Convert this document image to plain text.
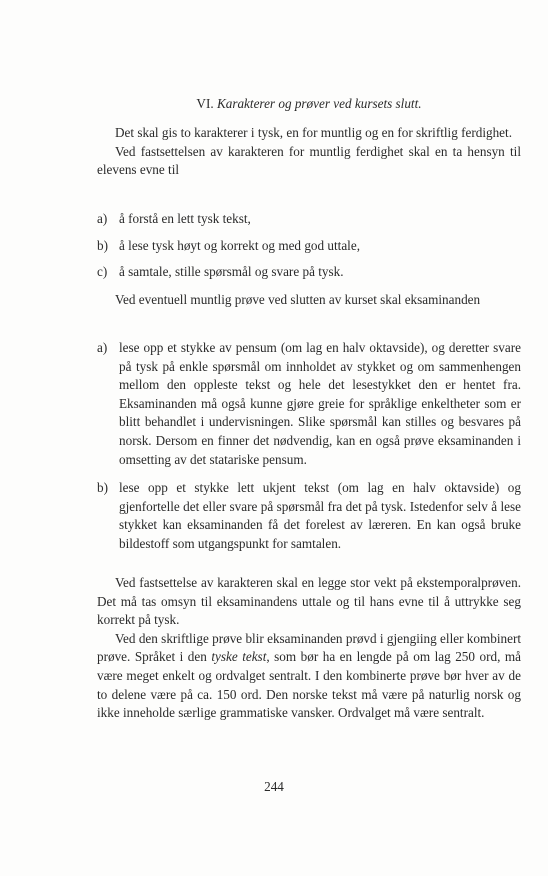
VI. Karakterer og prøver ved kursets slutt.

Det skal gis to karakterer i tysk, en for muntlig og en for skriftlig ferdighet.

Ved fastsettelsen av karakteren for muntlig ferdighet skal en ta hensyn til elevens evne til

a) å forstå en lett tysk tekst,
b) å lese tysk høyt og korrekt og med god uttale,
c) å samtale, stille spørsmål og svare på tysk.

Ved eventuell muntlig prøve ved slutten av kurset skal eksaminanden

a) lese opp et stykke av pensum (om lag en halv oktavside), og deretter svare på tysk på enkle spørsmål om innholdet av stykket og om sammenhengen mellom den oppleste tekst og hele det lesestykket den er hentet fra. Eksaminanden må også kunne gjøre greie for språklige enkeltheter som er blitt behandlet i undervisningen. Slike spørsmål kan stilles og besvares på norsk. Dersom en finner det nødvendig, kan en også prøve eksaminanden i omsetting av det statariske pensum.
b) lese opp et stykke lett ukjent tekst (om lag en halv oktavside) og gjenfortelle det eller svare på spørsmål fra det på tysk. Istedenfor selv å lese stykket kan eksaminanden få det forelest av læreren. En kan også bruke bildestoff som utgangspunkt for samtalen.

Ved fastsettelse av karakteren skal en legge stor vekt på ekstemporalprøven. Det må tas omsyn til eksaminandens uttale og til hans evne til å uttrykke seg korrekt på tysk.

Ved den skriftlige prøve blir eksaminanden prøvd i gjengiing eller kombinert prøve. Språket i den tyske tekst, som bør ha en lengde på om lag 250 ord, må være meget enkelt og ordvalget sentralt. I den kombinerte prøve bør hver av de to delene være på ca. 150 ord. Den norske tekst må være på naturlig norsk og ikke inneholde særlige grammatiske vansker. Ordvalget må være sentralt.

244
